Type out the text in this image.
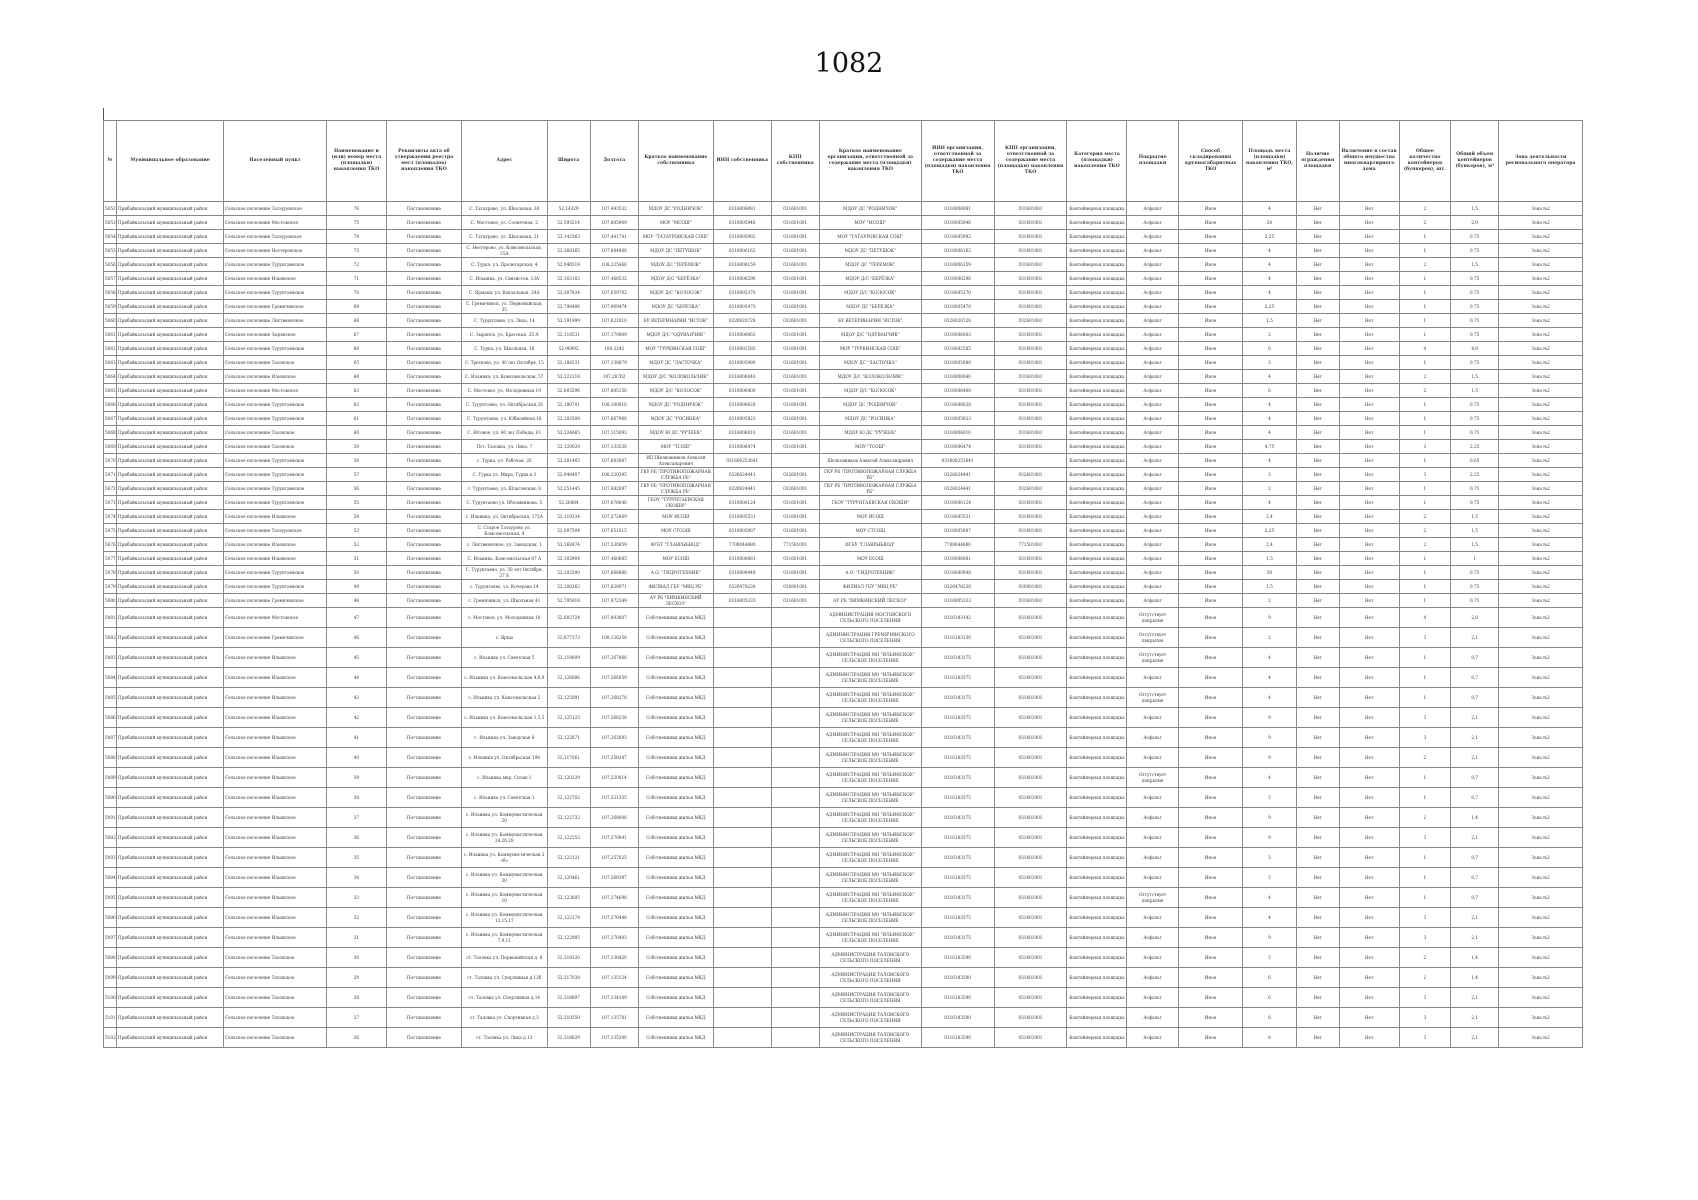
1082
№	Муниципальное образование	Населенный пункт	Наименование и (или) номер места (площадки) накопления ТКО	Реквизиты акта об утверждении реестра мест (площадок) накопления ТКО	Адрес	Широта	Долгота	Краткое наименование собственника	ИНН собственника	КПП собственника	Краткое наименование организации, ответственной за содержание места (площадки) накопления ТКО	ИНН организации, ответственной за содержание места (площадки) накопления ТКО	КПП организации, ответственной за содержание места (площадки) накопления ТКО	Категория места (площадки) накопления ТКО	Покрытие площадки	Способ складирования крупногабаритных ТКО	Площадь места (площадки) накопления ТКО, м²	Наличие ограждения площадки	Включение в состав общего имущества многоквартирного дома	Общее количество контейнеров (бункеров), шт.	Общий объем контейнеров (бункеров), м³	Зона деятельности регионального оператора
5052	Прибайкальский муниципальный район	Сельское поселение Татауровское	76	Постановление	С. Татаурово, ул. Школьная, 38	52,14329	107,443532	МДОУ ДС "РОДНИЧОК"	0316006081	031601001	МДОУ ДС "РОДНИЧОК"	0316006081	031601001	Контейнерная площадка	Асфальт	Иное	4	Нет	Нет	2	1,5	Зона №2
5053	Прибайкальский муниципальный район	Сельское поселение Мостовское	75	Постановление	С. Мостовое, ул. Солнечная, 2	52,593214	107,805909	МОУ "МСОШ"	0316005946	031601001	МОУ "МСОШ"	0316005946	031601001	Контейнерная площадка	Асфальт	Иное	24	Нет	Нет	2	2,9	Зона №2
5054	Прибайкальский муниципальный район	Сельское поселение Татауровское	74	Постановление	С. Татаурово, ул. Школьная, 21	52,142363	107,441741	МОУ "ТАТАУРОВСКАЯ СОШ"	0316005992	031601001	МОУ "ТАТАУРОВСКАЯ СОШ"	0316005992	031601001	Контейнерная площадка	Асфальт	Иное	2,25	Нет	Нет	1	0,75	Зона №2
5055	Прибайкальский муниципальный район	Сельское поселение Нестеровское	73	Постановление	С. Нестерово, ул. Комсомольская, 35А	52,368365	107,884808	МДОУ ДС "ПЕТУШОК"	0316006162	031601001	МДОУ ДС "ПЕТУШОК"	0316006162	031601001	Контейнерная площадка	Асфальт	Иное	4	Нет	Нет	1	0,75	Зона №2
5056	Прибайкальский муниципальный район	Сельское поселение Турунтаевское	72	Постановление	С. Турка, ул. Пролетарская, 4	52,946519	108,225466	МДОУ ДС "ТЕРЕМОК"	0316006159	031601001	МДОУ ДС "ТЕРЕМОК"	0316006159	031601001	Контейнерная площадка	Асфальт	Иное	4	Нет	Нет	2	1,5	Зона №2
5057	Прибайкальский муниципальный район	Сельское поселение Ильинское	71	Постановление	С. Ильинка, ул. Связистов, 13А	52,102102	107,468532	МДОУ Д/С "БЕРЁЗКА"	0316006296	031601001	МДОУ Д/С "БЕРЁЗКА"	0316006296	031601001	Контейнерная площадка	Асфальт	Иное	4	Нет	Нет	1	0,75	Зона №2
5058	Прибайкальский муниципальный район	Сельское поселение Турунтаевское	70	Постановление	С. Ярмаки, ул. Вокзальная, 24А	52,387834	107,659702	МДОУ Д/С "КОЛОСОК"	0316005370	031601001	МДОУ Д/С "КОЛОСОК"	0316005370	031601001	Контейнерная площадка	Асфальт	Иное	4	Нет	Нет	1	0,75	Зона №2
5059	Прибайкальский муниципальный район	Сельское поселение Гремячинское	69	Постановление	С. Гремячинск, ул. Первомайская, 35	52,798406	107,969474	МДОУ ДС "БЕРЕЗКА"	0316005470	031601001	МДОУ ДС "БЕРЕЗКА"	0316005470	031601001	Контейнерная площадка	Асфальт	Иное	2,25	Нет	Нет	1	0,75	Зона №2
5060	Прибайкальский муниципальный район	Сельское поселение Лиственичное	68	Постановление	С. Турунтаево, ул. Лиха, 14	52,191999	107,622010	БУ ВЕТЕРИНАРИИ "ИСТОК"	0326020728	032601001	БУ ВЕТЕРИНАРИИ "ИСТОК"	0326020728	032601001	Контейнерная площадка	Асфальт	Иное	1,5	Нет	Нет	1	0,75	Зона №2
5061	Прибайкальский муниципальный район	Сельское поселение Зырянское	67	Постановление	С. Зырянск, ул. Братская, 25 А	52,118531	107,179809	МДОУ Д/С "ОДУВАНЧИК"	0316006063	031601001	МДОУ Д/С "ОДУВАНЧИК"	0316006063	031601001	Контейнерная площадка	Асфальт	Иное	2	Нет	Нет	1	0,75	Зона №2
5062	Прибайкальский муниципальный район	Сельское поселение Турунтаевское	66	Постановление	С. Турка, ул. Школьная, 18	52,96992	108,2242	МОУ "ТУРКИНСКАЯ СОШ"	0316002585	031601001	МОУ "ТУРКИНСКАЯ СОШ"	0316002585	031601001	Контейнерная площадка	Асфальт	Иное	6	Нет	Нет	4	4,8	Зона №2
5063	Прибайкальский муниципальный район	Сельское поселение Таловское	65	Постановление	С. Тресково, ул. 40 лет Октября, 15	52,188331	107,138879	МДОУ ДС "ЛАСТОЧКА"	0316005980	031601001	МДОУ ДС "ЛАСТОЧКА"	0316005980	031601001	Контейнерная площадка	Асфальт	Иное	3	Нет	Нет	1	0,75	Зона №2
5064	Прибайкальский муниципальный район	Сельское поселение Ильинское	64	Постановление	С. Ильинка, ул. Комсомольская, 57	52,122118	107,28762	МДОУ Д/С "КОЛОКОЛЬЧИК"	0316006040	031601001	МДОУ Д/С "КОЛОКОЛЬЧИК"	0316006040	031601001	Контейнерная площадка	Асфальт	Иное	4	Нет	Нет	2	1,5	Зона №2
5065	Прибайкальский муниципальный район	Сельское поселение Мостовское	63	Постановление	С. Мостовое, ул. Молодежная,19	52,603296	107,805156	МДОУ Д/С "КОЛОСОК"	0316006400	031601001	МДОУ Д/С "КОЛОСОК"	0316006400	031601001	Контейнерная площадка	Асфальт	Иное	6	Нет	Нет	2	1,5	Зона №2
5066	Прибайкальский муниципальный район	Сельское поселение Турунтаевское	62	Постановление	С. Турунтаево, ул. Октябрьская,28	52,180701	108,100016	МДОУ ДС "РОДНИЧОК"	0316006028	031601001	МДОУ ДС "РОДНИЧОК"	0316006028	031601001	Контейнерная площадка	Асфальт	Иное	4	Нет	Нет	1	0,75	Зона №2
5067	Прибайкальский муниципальный район	Сельское поселение Турунтаевское	61	Постановление	С. Турунтаево, ул. Юбилейная,18	52,203308	107,667988	МДОУ ДС "РОСИНКА"	0316005923	031601001	МДОУ ДС "РОСИНКА"	0316005923	031601001	Контейнерная площадка	Асфальт	Иное	4	Нет	Нет	1	0,75	Зона №2
5068	Прибайкальский муниципальный район	Сельское поселение Таловское	60	Постановление	С. Юговое, ул. 40 лет Победы, 61	52,124665	107,115093	МДОУ Ю ДС "РУЧЕЕК"	0316006010	031601001	МДОУ Ю ДС "РУЧЕЕК"	0316006010	031601001	Контейнерная площадка	Асфальт	Иное	4	Нет	Нет	1	0,75	Зона №2
5069	Прибайкальский муниципальный район	Сельское поселение Таловское	59	Постановление	Пст. Таловка, ул. Лиха, 7	52,120029	107,133538	МОУ "ТСОШ"	0316006474	031601001	МОУ "ТСОШ"	0316006474	031601001	Контейнерная площадка	Асфальт	Иное	4,75	Нет	Нет	3	2,25	Зона №2
5070	Прибайкальский муниципальный район	Сельское поселение Турунтаевское	58	Постановление	с. Турка, ул. Рабочая, 26	52,281465	107,683087	ИП Шелковников Алексей Александрович	031600253641		Шелковников Алексей Александрович	031600253641		Контейнерная площадка	Асфальт	Иное	4	Нет	Нет	1	0,65	Зона №2
5071	Прибайкальский муниципальный район	Сельское поселение Турунтаевское	57	Постановление	С. Турка ул. Мира, Турка в 3	52,948407	108,220395	ГКУ РБ "ПРОТИВОПОЖАРНАЯ СЛУЖБА РБ"	0326024441	032601001	ГКУ РБ "ПРОТИВОПОЖАРНАЯ СЛУЖБА РБ"	0326024441	032601001	Контейнерная площадка	Асфальт	Иное	3	Нет	Нет	3	2,25	Зона №2
5072	Прибайкальский муниципальный район	Сельское поселение Турунтаевское	56	Постановление	с. Турунтаево, ул. Шлаговская, 8	52,251445	107,682897	ГКУ РБ "ПРОТИВОПОЖАРНАЯ СЛУЖБА РБ"	0326024441	032601001	ГКУ РБ "ПРОТИВОПОЖАРНАЯ СЛУЖБА РБ"	0326024441	032601001	Контейнерная площадка	Асфальт	Иное	2	Нет	Нет	1	0,75	Зона №2
5073	Прибайкальский муниципальный район	Сельское поселение Турунтаевское	55	Постановление	С. Турунтаево ул. Обломкинова, 5	52,20884	107,676646	ГБОУ "ТУРУНТАЕВСКАЯ СКОШИ"	0316006124	031601001	ГБОУ "ТУРУНТАЕВСКАЯ СКОШИ"	0316006124	031601001	Контейнерная площадка	Асфальт	Иное	4	Нет	Нет	1	0,75	Зона №2
5074	Прибайкальский муниципальный район	Сельское поселение Ильинское	54	Постановление	с. Ильинка, ул. Октябрьская, 172А	52,119334	107,272869	МОУ ИСОШ	0316005531	031601001	МОУ ИСОШ	0316005531	031601001	Контейнерная площадка	Асфальт	Иное	2,4	Нет	Нет	2	1,5	Зона №2
5075	Прибайкальский муниципальный район	Сельское поселение Татауровское	53	Постановление	С. Старое Татаурово ул. Комсомольская, 4	52,097504	107,651515	МОУ СТСОШ	0316005907	031601001	МОУ СТСОШ	0316005907	031601001	Контейнерная площадка	Асфальт	Иное	2,25	Нет	Нет	2	1,5	Зона №2
5076	Прибайкальский муниципальный район	Сельское поселение Ильинское	52	Постановление	с. Лиственичное, ул. Заводская, 1	52,168474	107,530859	ФГБУ "ГЛАВРЫБВОД"	7708044880	771501001	ФГБУ "ГЛАВРЫБВОД"	7708044880	771501001	Контейнерная площадка	Асфальт	Иное	2,4	Нет	Нет	2	1,5	Зона №2
5077	Прибайкальский муниципальный район	Сельское поселение Ильинское	51	Постановление	С. Ильинка, Комсомольская 87 А	52,102904	107,460685	МОУ ЕСОШ	0316006081	031601001	МОУ ЕСОШ	0316006081	031601001	Контейнерная площадка	Асфальт	Иное	1,5	Нет	Нет	1	1	Зона №2
5078	Прибайкальский муниципальный район	Сельское поселение Турунтаевское	50	Постановление	С. Турунтаево, ул. 50 лет Октября, 27 Б	52,202300	107,668886	А.О. "ГИДРОТЕХНИК"	0316000948	031601001	А.О. "ГИДРОТЕХНИК"	0316000948	031601001	Контейнерная площадка	Асфальт	Иное	30	Нет	Нет	1	0,75	Зона №2
5079	Прибайкальский муниципальный район	Сельское поселение Турунтаевское	49	Постановление	с. Турунтаево, ул. Кочерова 14	52,200262	107,628971	ФИЛИАЛ ГБУ "МВЦ РБ"	0326478238	030801001	ФИЛИАЛ ГБУ "МВЦ РБ"	0326478238	030801001	Контейнерная площадка	Асфальт	Иное	1,5	Нет	Нет	1	0,75	Зона №2
5080	Прибайкальский муниципальный район	Сельское поселение Гремячинское	48	Постановление	с. Гремячинск, ул. Школьная 41	52,795918	107,972349	АУ РБ "ХИМКИНСКИЙ ЛЕСХОЗ"	0316005333	031601001	АУ РБ "ХИМКИНСКИЙ ЛЕСХОЗ"	0316005333	031601001	Контейнерная площадка	Асфальт	Иное	2	Нет	Нет	1	0,75	Зона №2
5081	Прибайкальский муниципальный район	Сельское поселение Мостовское	47	Постановление	с. Мостовое, ул. Молодежная 18	52,603724	107,803807	Собственники жилья МКД			АДМИНИСТРАЦИЯ МОСТОВСКОГО СЕЛЬСКОГО ПОСЕЛЕНИЯ	0316183142	031601001	Контейнерная площадка	Отсутствует покрытие	Иное	9	Нет	Нет	4	2,8	Зона №2
5082	Прибайкальский муниципальный район	Сельское поселение Гремячинское	46	Постановление	с. Ярцы	52,877373	108,126258	Собственники жилья МКД			АДМИНИСТРАЦИЯ ГРЕМЯЧИНСКОГО СЕЛЬСКОГО ПОСЕЛЕНИЯ	0316183130	031601001	Контейнерная площадка	Отсутствует покрытие	Иное	2	Нет	Нет	3	2,1	Зона №2
5083	Прибайкальский муниципальный район	Сельское поселение Ильинское	45	Постановление	с. Ильинка ул. Советская 5	52,119809	107,267066	Собственники жилья МКД			АДМИНИСТРАЦИЯ МО "ИЛЬИНСКОЕ" СЕЛЬСКОЕ ПОСЕЛЕНИЕ	0316183375	031601001	Контейнерная площадка	Отсутствует покрытие	Иное	4	Нет	Нет	1	0,7	Зона №2
5084	Прибайкальский муниципальный район	Сельское поселение Ильинское	44	Постановление	с. Ильинка ул. Комсомольская 4,6,8	52,126606	107,266059	Собственники жилья МКД			АДМИНИСТРАЦИЯ МО "ИЛЬИНСКОЕ" СЕЛЬСКОЕ ПОСЕЛЕНИЕ	0316183375	031601001	Контейнерная площадка	Асфальт	Иное	4	Нет	Нет	1	0,7	Зона №2
5085	Прибайкальский муниципальный район	Сельское поселение Ильинское	43	Постановление	с. Ильинка ул. Комсомольская 2	52,125091	107,268278	Собственники жилья МКД			АДМИНИСТРАЦИЯ МО "ИЛЬИНСКОЕ" СЕЛЬСКОЕ ПОСЕЛЕНИЕ	0316183375	031601001	Контейнерная площадка	Отсутствует покрытие	Иное	4	Нет	Нет	1	0,7	Зона №2
5086	Прибайкальский муниципальный район	Сельское поселение Ильинское	42	Постановление	с. Ильинка ул. Комсомольская 1,3,5	52,125123	107,268238	Собственники жилья МКД			АДМИНИСТРАЦИЯ МО "ИЛЬИНСКОЕ" СЕЛЬСКОЕ ПОСЕЛЕНИЕ	0316183375	031601001	Контейнерная площадка	Асфальт	Иное	9	Нет	Нет	3	2,1	Зона №2
5087	Прибайкальский муниципальный район	Сельское поселение Ильинское	41	Постановление	с. Ильинка ул. Заводская 8	52,122871	107,262693	Собственники жилья МКД			АДМИНИСТРАЦИЯ МО "ИЛЬИНСКОЕ" СЕЛЬСКОЕ ПОСЕЛЕНИЕ	0316183375	031601001	Контейнерная площадка	Асфальт	Иное	9	Нет	Нет	3	2,1	Зона №2
5088	Прибайкальский муниципальный район	Сельское поселение Ильинское	40	Постановление	с. Ильинка ул. Октябрьская 198	52,117061	107,258347	Собственники жилья МКД			АДМИНИСТРАЦИЯ МО "ИЛЬИНСКОЕ" СЕЛЬСКОЕ ПОСЕЛЕНИЕ	0316183375	031601001	Контейнерная площадка	Асфальт	Иное	9	Нет	Нет	2	2,1	Зона №2
5089	Прибайкальский муниципальный район	Сельское поселение Ильинское	39	Постановление	с. Ильинка мкр. Сплав 1	52,120229	107,220014	Собственники жилья МКД			АДМИНИСТРАЦИЯ МО "ИЛЬИНСКОЕ" СЕЛЬСКОЕ ПОСЕЛЕНИЕ	0316183375	031601001	Контейнерная площадка	Отсутствует покрытие	Иное	4	Нет	Нет	1	0,7	Зона №2
5090	Прибайкальский муниципальный район	Сельское поселение Ильинское	38	Постановление	с. Ильинка ул. Советская 1	52,122702	107,221335	Собственники жилья МКД			АДМИНИСТРАЦИЯ МО "ИЛЬИНСКОЕ" СЕЛЬСКОЕ ПОСЕЛЕНИЕ	0316183375	031601001	Контейнерная площадка	Асфальт	Иное	3	Нет	Нет	1	0,7	Зона №2
5091	Прибайкальский муниципальный район	Сельское поселение Ильинское	37	Постановление	с. Ильинка ул. Коммунистическая 20	52,122732	107,268606	Собственники жилья МКД			АДМИНИСТРАЦИЯ МО "ИЛЬИНСКОЕ" СЕЛЬСКОЕ ПОСЕЛЕНИЕ	0316183375	031601001	Контейнерная площадка	Асфальт	Иное	9	Нет	Нет	2	1,4	Зона №2
5092	Прибайкальский муниципальный район	Сельское поселение Ильинское	36	Постановление	с. Ильинка ул. Коммунистическая 24,26,28	52,122253	107,270841	Собственники жилья МКД			АДМИНИСТРАЦИЯ МО "ИЛЬИНСКОЕ" СЕЛЬСКОЕ ПОСЕЛЕНИЕ	0316183375	031601001	Контейнерная площадка	Асфальт	Иное	9	Нет	Нет	3	2,1	Зона №2
5093	Прибайкальский муниципальный район	Сельское поселение Ильинское	35	Постановление	с. Ильинка ул. Коммунистическая 2 «б»	52,122121	107,257625	Собственники жилья МКД			АДМИНИСТРАЦИЯ МО "ИЛЬИНСКОЕ" СЕЛЬСКОЕ ПОСЕЛЕНИЕ	0316183375	031601001	Контейнерная площадка	Асфальт	Иное	3	Нет	Нет	1	0,7	Зона №2
5094	Прибайкальский муниципальный район	Сельское поселение Ильинское	34	Постановление	с. Ильинка ул. Коммунистическая 30	52,120461	107,268397	Собственники жилья МКД			АДМИНИСТРАЦИЯ МО "ИЛЬИНСКОЕ" СЕЛЬСКОЕ ПОСЕЛЕНИЕ	0316183375	031601001	Контейнерная площадка	Асфальт	Иное	3	Нет	Нет	1	0,7	Зона №2
5095	Прибайкальский муниципальный район	Сельское поселение Ильинское	33	Постановление	с. Ильинка ул. Коммунистическая 10	52,122605	107,274698	Собственники жилья МКД			АДМИНИСТРАЦИЯ МО "ИЛЬИНСКОЕ" СЕЛЬСКОЕ ПОСЕЛЕНИЕ	0316183375	031601001	Контейнерная площадка	Отсутствует покрытие	Иное	4	Нет	Нет	1	0,7	Зона №2
5096	Прибайкальский муниципальный район	Сельское поселение Ильинское	32	Постановление	с. Ильинка ул. Коммунистическая 13,15,17	52,122179	107,270448	Собственники жилья МКД			АДМИНИСТРАЦИЯ МО "ИЛЬИНСКОЕ" СЕЛЬСКОЕ ПОСЕЛЕНИЕ	0316183375	031601001	Контейнерная площадка	Асфальт	Иное	4	Нет	Нет	3	2,1	Зона №2
5097	Прибайкальский муниципальный район	Сельское поселение Ильинское	31	Постановление	с. Ильинка ул. Коммунистическая 7,9,11	52,122905	107,270403	Собственники жилья МКД			АДМИНИСТРАЦИЯ МО "ИЛЬИНСКОЕ" СЕЛЬСКОЕ ПОСЕЛЕНИЕ	0316183375	031601001	Контейнерная площадка	Асфальт	Иное	9	Нет	Нет	3	2,1	Зона №2
5098	Прибайкальский муниципальный район	Сельское поселение Таловское	30	Постановление	ст. Таловка ул. Первомайская д. 8	52,318320	107,138420	Собственники жилья МКД			АДМИНИСТРАЦИЯ ТАЛОВСКОГО СЕЛЬСКОГО ПОСЕЛЕНИЯ	0316183590	031601001	Контейнерная площадка	Асфальт	Иное	3	Нет	Нет	2	1,4	Зона №2
5099	Прибайкальский муниципальный район	Сельское поселение Таловское	29	Постановление	ст. Таловка ул. Спортивная д.12б	52,317038	107,135124	Собственники жилья МКД			АДМИНИСТРАЦИЯ ТАЛОВСКОГО СЕЛЬСКОГО ПОСЕЛЕНИЯ	0316183590	031601001	Контейнерная площадка	Асфальт	Иное	6	Нет	Нет	2	1,4	Зона №2
5100	Прибайкальский муниципальный район	Сельское поселение Таловское	28	Постановление	ст. Таловка ул. Спортивная д.14	52,318897	107,134109	Собственники жилья МКД			АДМИНИСТРАЦИЯ ТАЛОВСКОГО СЕЛЬСКОГО ПОСЕЛЕНИЯ	0316183590	031601001	Контейнерная площадка	Асфальт	Иное	6	Нет	Нет	3	2,1	Зона №2
5101	Прибайкальский муниципальный район	Сельское поселение Таловское	27	Постановление	ст. Таловка ул. Спортивная д.3	52,319250	107,135781	Собственники жилья МКД			АДМИНИСТРАЦИЯ ТАЛОВСКОГО СЕЛЬСКОГО ПОСЕЛЕНИЯ	0316183590	031601001	Контейнерная площадка	Асфальт	Иное	8	Нет	Нет	3	2,1	Зона №2
5102	Прибайкальский муниципальный район	Сельское поселение Таловское	26	Постановление	ст. Таловка ул. Лиха д.13	52,318829	107,135340	Собственники жилья МКД			АДМИНИСТРАЦИЯ ТАЛОВСКОГО СЕЛЬСКОГО ПОСЕЛЕНИЯ	0316183590	031601001	Контейнерная площадка	Асфальт	Иное	8	Нет	Нет	3	2,1	Зона №2
